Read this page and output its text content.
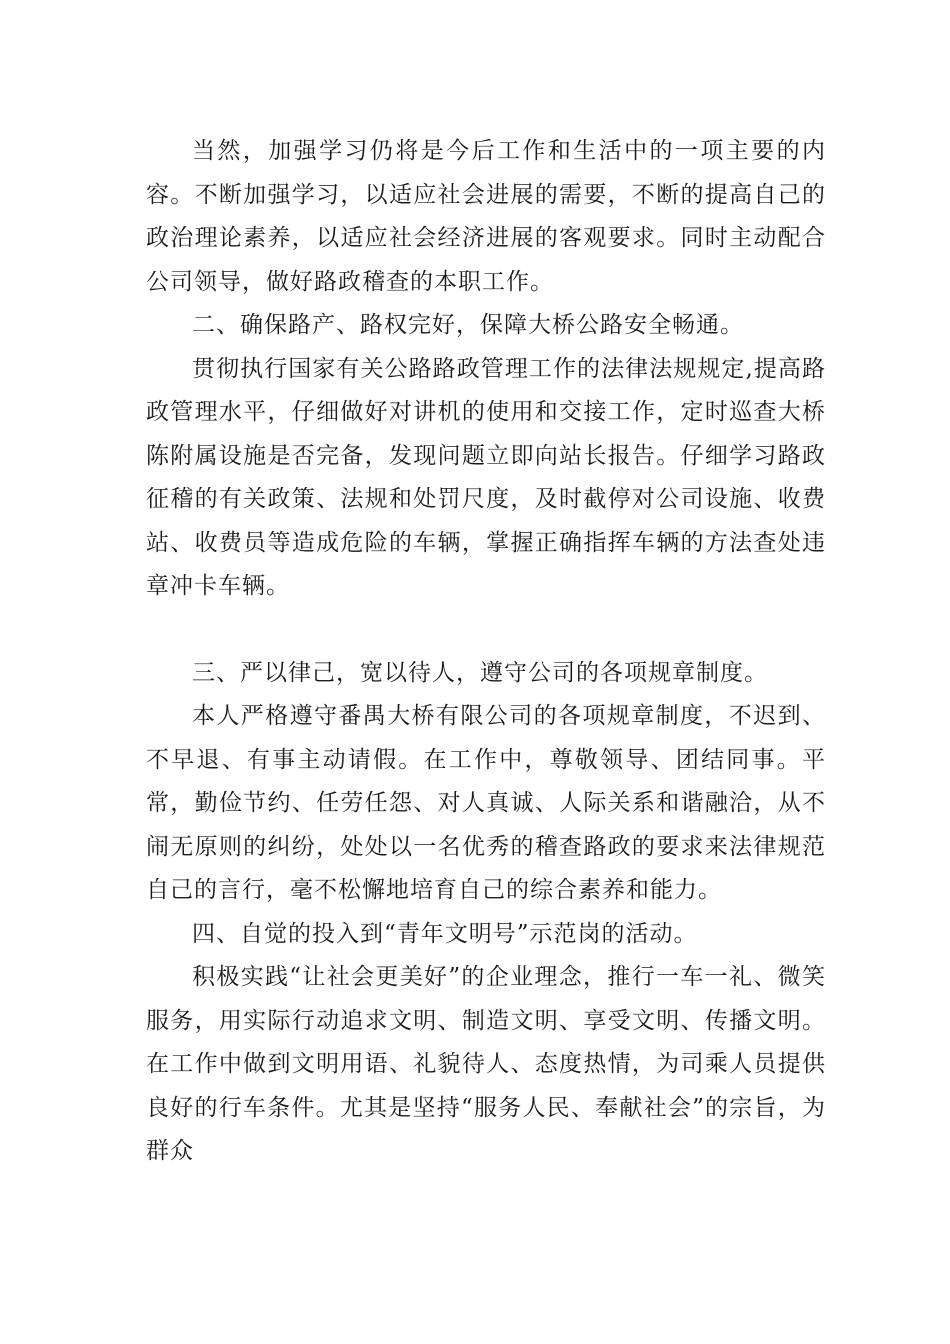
当然，加强学习仍将是今后工作和生活中的一项主要的内容。不断加强学习，以适应社会进展的需要，不断的提高自己的政治理论素养，以适应社会经济进展的客观要求。同时主动配合公司领导，做好路政稽查的本职工作。

二、确保路产、路权完好，保障大桥公路安全畅通。

贯彻执行国家有关公路路政管理工作的法律法规规定,提高路政管理水平，仔细做好对讲机的使用和交接工作，定时巡查大桥陈附属设施是否完备，发现问题立即向站长报告。仔细学习路政征稽的有关政策、法规和处罚尺度，及时截停对公司设施、收费站、收费员等造成危险的车辆，掌握正确指挥车辆的方法查处违章冲卡车辆。

三、严以律己，宽以待人，遵守公司的各项规章制度。

本人严格遵守番禺大桥有限公司的各项规章制度，不迟到、不早退、有事主动请假。在工作中，尊敬领导、团结同事。平常，勤俭节约、任劳任怨、对人真诚、人际关系和谐融洽，从不闹无原则的纠纷，处处以一名优秀的稽查路政的要求来法律规范自己的言行，毫不松懈地培育自己的综合素养和能力。

四、自觉的投入到“青年文明号”示范岗的活动。

积极实践“让社会更美好”的企业理念，推行一车一礼、微笑服务，用实际行动追求文明、制造文明、享受文明、传播文明。在工作中做到文明用语、礼貌待人、态度热情，为司乘人员提供良好的行车条件。尤其是坚持“服务人民、奉献社会”的宗旨，为群众
